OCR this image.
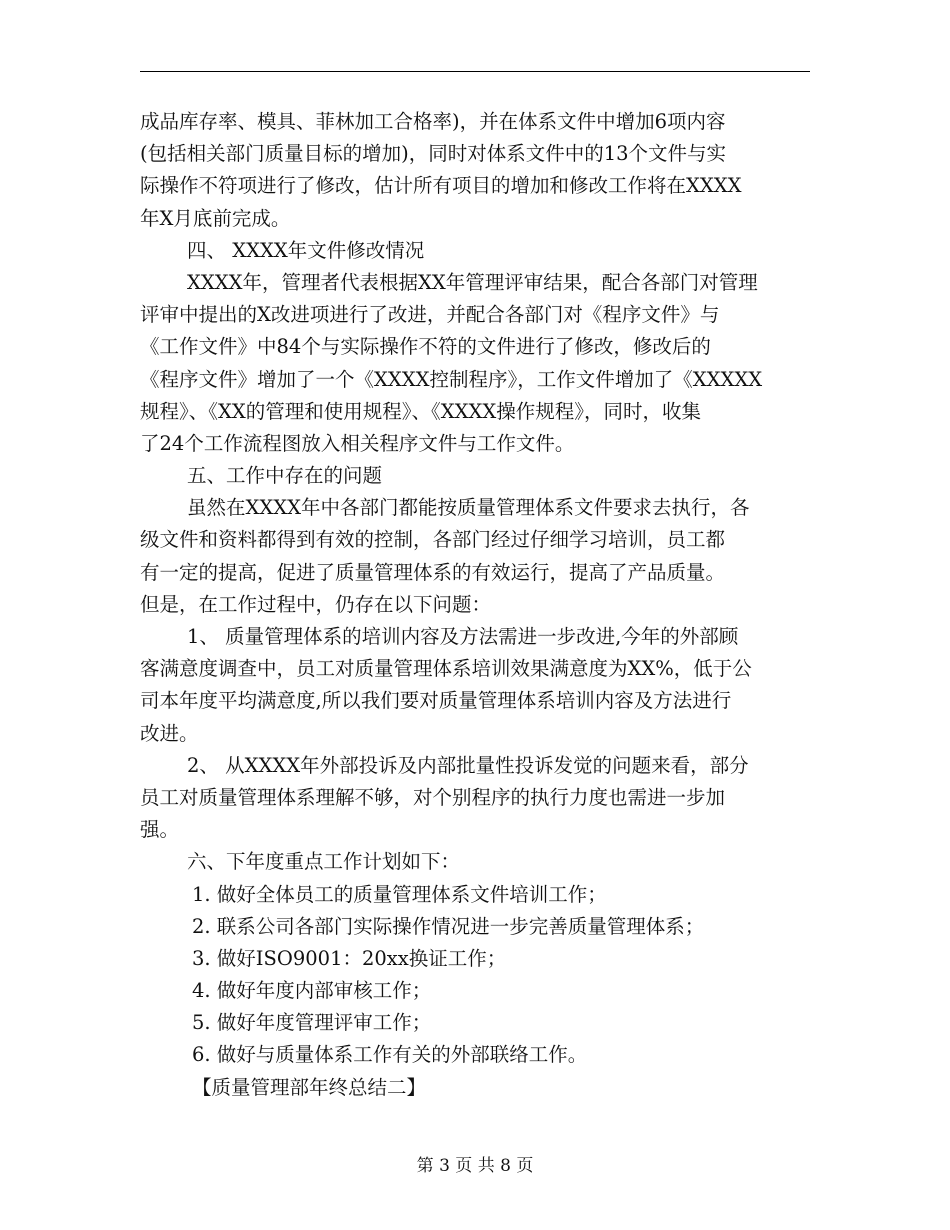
成品库存率、模具、菲林加工合格率)，并在体系文件中增加6项内容
(包括相关部门质量目标的增加)，同时对体系文件中的13个文件与实
际操作不符项进行了修改，估计所有项目的增加和修改工作将在XXXX
年X月底前完成。
四、 XXXX年文件修改情况
XXXX年，管理者代表根据XX年管理评审结果，配合各部门对管理
评审中提出的X改进项进行了改进，并配合各部门对《程序文件》与
《工作文件》中84个与实际操作不符的文件进行了修改，修改后的
《程序文件》增加了一个《XXXX控制程序》，工作文件增加了《XXXXX
规程》、《XX的管理和使用规程》、《XXXX操作规程》，同时，收集
了24个工作流程图放入相关程序文件与工作文件。
五、工作中存在的问题
虽然在XXXX年中各部门都能按质量管理体系文件要求去执行，各
级文件和资料都得到有效的控制，各部门经过仔细学习培训，员工都
有一定的提高，促进了质量管理体系的有效运行，提高了产品质量。
但是，在工作过程中，仍存在以下问题：
1、 质量管理体系的培训内容及方法需进一步改进,今年的外部顾
客满意度调查中，员工对质量管理体系培训效果满意度为XX%，低于公
司本年度平均满意度,所以我们要对质量管理体系培训内容及方法进行
改进。
2、 从XXXX年外部投诉及内部批量性投诉发觉的问题来看，部分
员工对质量管理体系理解不够，对个别程序的执行力度也需进一步加
强。
六、下年度重点工作计划如下：
1. 做好全体员工的质量管理体系文件培训工作；
2. 联系公司各部门实际操作情况进一步完善质量管理体系；
3. 做好ISO9001：20xx换证工作；
4. 做好年度内部审核工作；
5. 做好年度管理评审工作；
6. 做好与质量体系工作有关的外部联络工作。
【质量管理部年终总结二】
第 3 页 共 8 页
